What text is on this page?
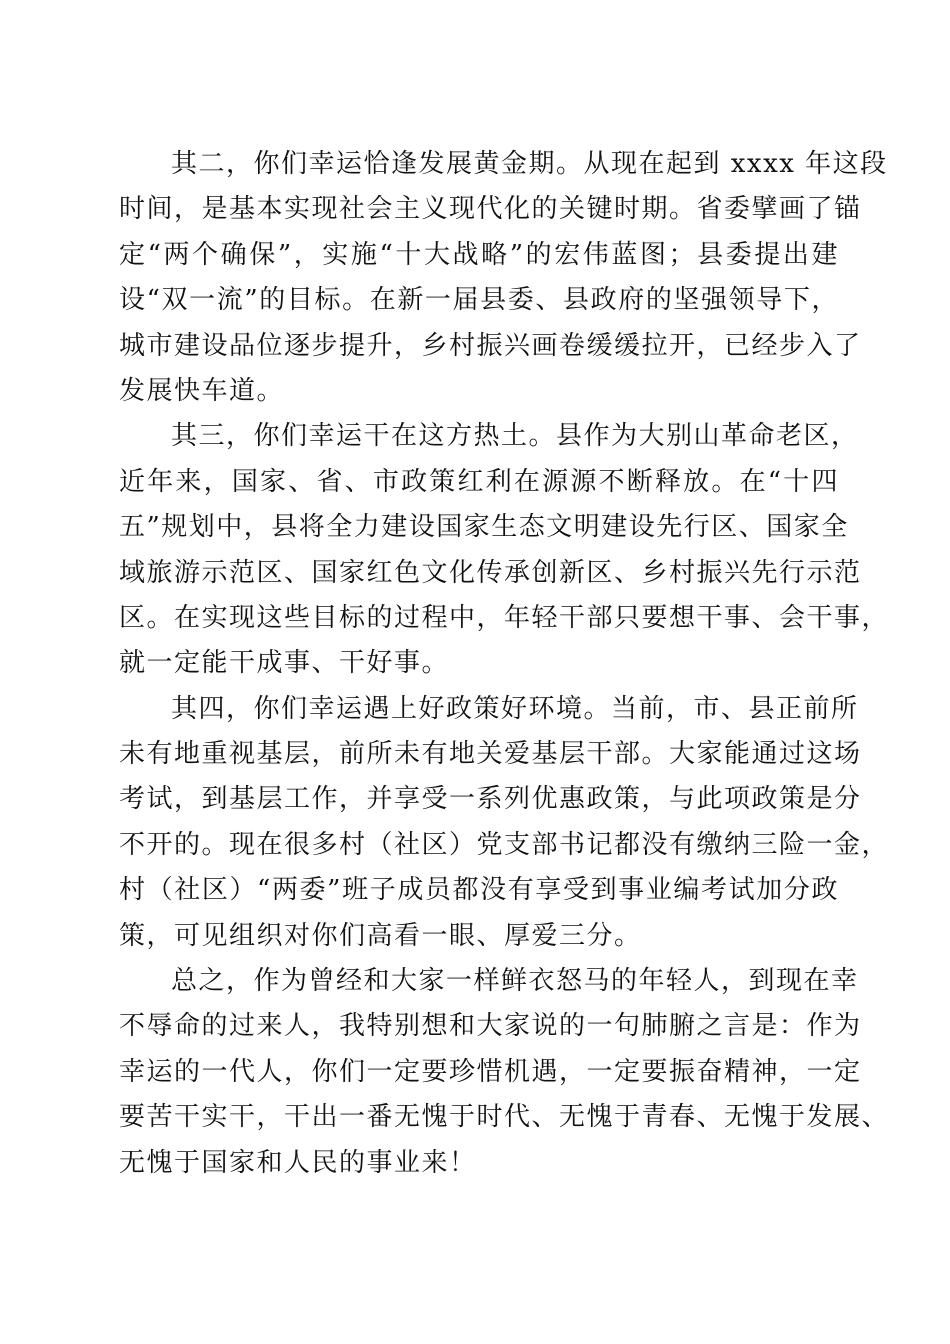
其二，你们幸运恰逢发展黄金期。从现在起到 xxxx 年这段
时间，是基本实现社会主义现代化的关键时期。省委擘画了锚
定“两个确保”，实施“十大战略”的宏伟蓝图；县委提出建
设“双一流”的目标。在新一届县委、县政府的坚强领导下，
城市建设品位逐步提升，乡村振兴画卷缓缓拉开，已经步入了
发展快车道。
其三，你们幸运干在这方热土。县作为大别山革命老区，
近年来，国家、省、市政策红利在源源不断释放。在“十四
五”规划中，县将全力建设国家生态文明建设先行区、国家全
域旅游示范区、国家红色文化传承创新区、乡村振兴先行示范
区。在实现这些目标的过程中，年轻干部只要想干事、会干事，
就一定能干成事、干好事。
其四，你们幸运遇上好政策好环境。当前，市、县正前所
未有地重视基层，前所未有地关爱基层干部。大家能通过这场
考试，到基层工作，并享受一系列优惠政策，与此项政策是分
不开的。现在很多村（社区）党支部书记都没有缴纳三险一金，
村（社区）“两委”班子成员都没有享受到事业编考试加分政
策，可见组织对你们高看一眼、厚爱三分。
总之，作为曾经和大家一样鲜衣怒马的年轻人，到现在幸
不辱命的过来人，我特别想和大家说的一句肺腑之言是：作为
幸运的一代人，你们一定要珍惜机遇，一定要振奋精神，一定
要苦干实干，干出一番无愧于时代、无愧于青春、无愧于发展、
无愧于国家和人民的事业来！
